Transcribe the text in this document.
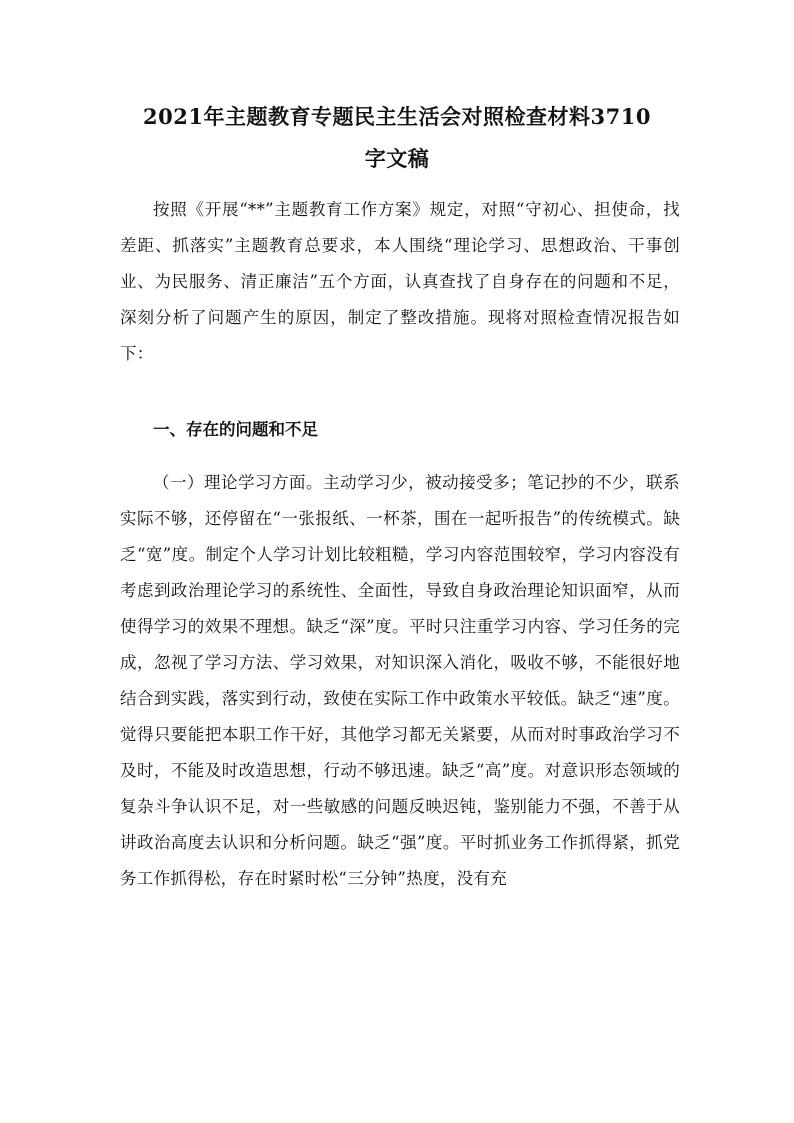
2021年主题教育专题民主生活会对照检查材料3710
字文稿

按照《开展“**”主题教育工作方案》规定，对照“守初心、担使命，找差距、抓落实”主题教育总要求，本人围绕“理论学习、思想政治、干事创业、为民服务、清正廉洁”五个方面，认真查找了自身存在的问题和不足，深刻分析了问题产生的原因，制定了整改措施。现将对照检查情况报告如下：

一、存在的问题和不足

（一）理论学习方面。主动学习少，被动接受多；笔记抄的不少，联系实际不够，还停留在“一张报纸、一杯茶，围在一起听报告”的传统模式。缺乏“宽”度。制定个人学习计划比较粗糙，学习内容范围较窄，学习内容没有考虑到政治理论学习的系统性、全面性，导致自身政治理论知识面窄，从而使得学习的效果不理想。缺乏“深”度。平时只注重学习内容、学习任务的完成，忽视了学习方法、学习效果，对知识深入消化，吸收不够，不能很好地结合到实践，落实到行动，致使在实际工作中政策水平较低。缺乏“速”度。觉得只要能把本职工作干好，其他学习都无关紧要，从而对时事政治学习不及时，不能及时改造思想，行动不够迅速。缺乏“高”度。对意识形态领域的复杂斗争认识不足，对一些敏感的问题反映迟钝，鉴别能力不强，不善于从讲政治高度去认识和分析问题。缺乏“强”度。平时抓业务工作抓得紧，抓党务工作抓得松，存在时紧时松“三分钟”热度，没有充
